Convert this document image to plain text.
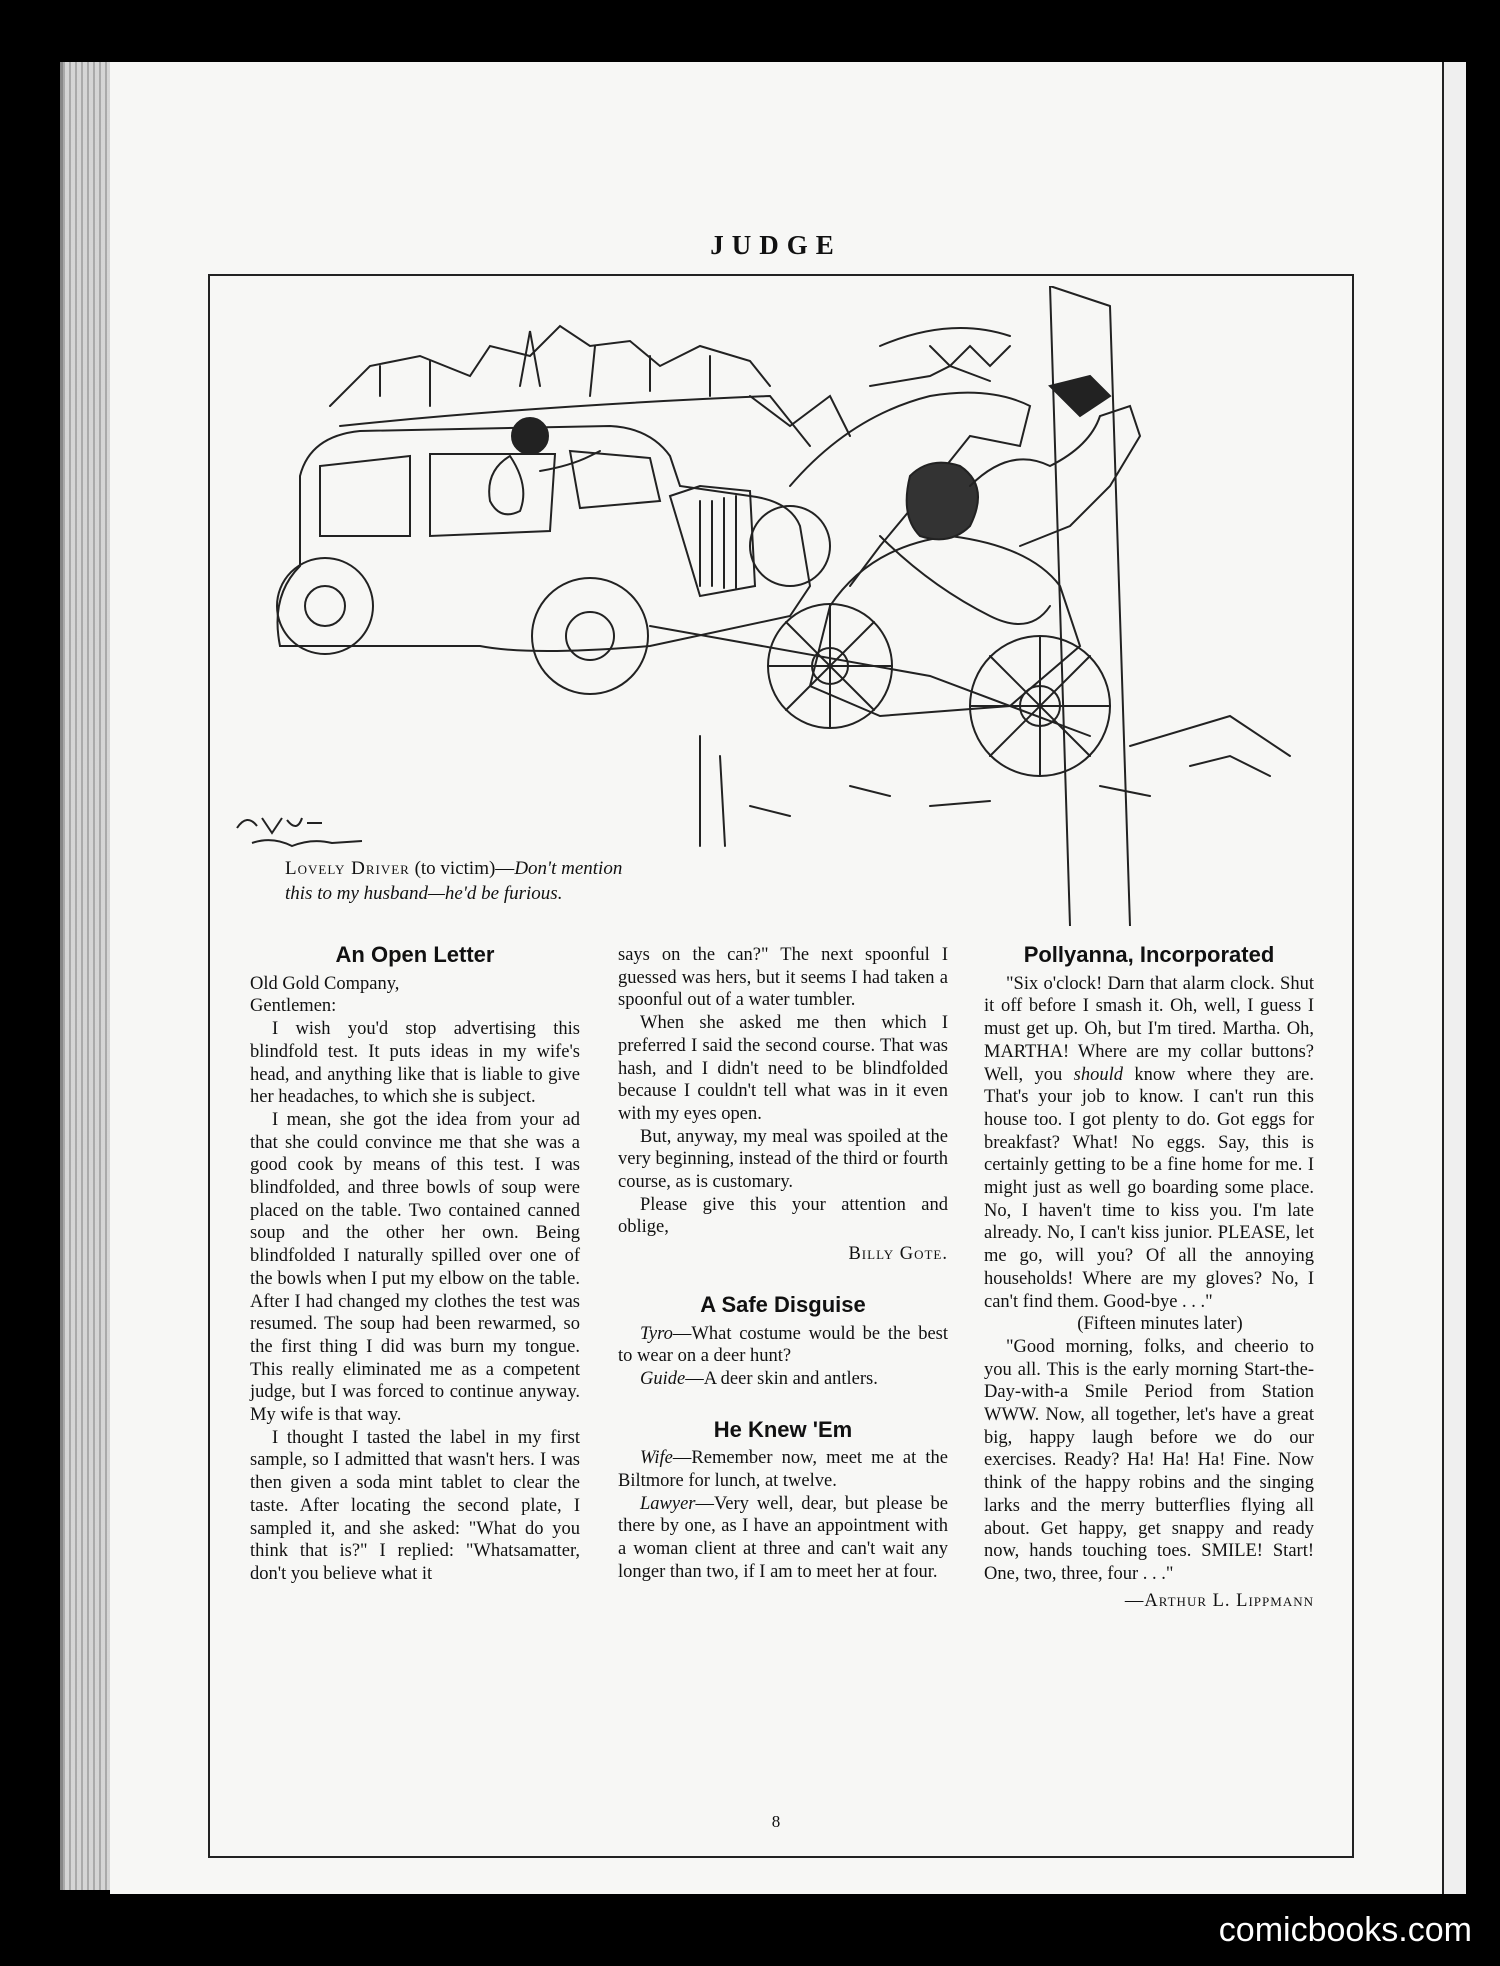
JUDGE
Lovely Driver (to victim)—Don't mention
this to my husband—he'd be furious.
An Open Letter

Old Gold Company,

Gentlemen:

I wish you'd stop advertising this blindfold test. It puts ideas in my wife's head, and anything like that is liable to give her headaches, to which she is subject.

I mean, she got the idea from your ad that she could convince me that she was a good cook by means of this test. I was blindfolded, and three bowls of soup were placed on the table. Two contained canned soup and the other her own. Being blindfolded I naturally spilled over one of the bowls when I put my elbow on the table. After I had changed my clothes the test was resumed. The soup had been rewarmed, so the first thing I did was burn my tongue. This really eliminated me as a competent judge, but I was forced to continue anyway. My wife is that way.

I thought I tasted the label in my first sample, so I admitted that wasn't hers. I was then given a soda mint tablet to clear the taste. After locating the second plate, I sampled it, and she asked: "What do you think that is?" I replied: "Whatsamatter, don't you believe what it

says on the can?" The next spoonful I guessed was hers, but it seems I had taken a spoonful out of a water tumbler.

When she asked me then which I preferred I said the second course. That was hash, and I didn't need to be blindfolded because I couldn't tell what was in it even with my eyes open.

But, anyway, my meal was spoiled at the very beginning, instead of the third or fourth course, as is customary.

Please give this your attention and oblige,

Billy Gote.

A Safe Disguise

Tyro—What costume would be the best to wear on a deer hunt?

Guide—A deer skin and antlers.

He Knew 'Em

Wife—Remember now, meet me at the Biltmore for lunch, at twelve.

Lawyer—Very well, dear, but please be there by one, as I have an appointment with a woman client at three and can't wait any longer than two, if I am to meet her at four.

Pollyanna, Incorporated

"Six o'clock! Darn that alarm clock. Shut it off before I smash it. Oh, well, I guess I must get up. Oh, but I'm tired. Martha. Oh, MARTHA! Where are my collar buttons? Well, you should know where they are. That's your job to know. I can't run this house too. I got plenty to do. Got eggs for breakfast? What! No eggs. Say, this is certainly getting to be a fine home for me. I might just as well go boarding some place. No, I haven't time to kiss you. I'm late already. No, I can't kiss junior. PLEASE, let me go, will you? Of all the annoying households! Where are my gloves? No, I can't find them. Good-bye . . ."

(Fifteen minutes later)

"Good morning, folks, and cheerio to you all. This is the early morning Start-the-Day-with-a Smile Period from Station WWW. Now, all together, let's have a great big, happy laugh before we do our exercises. Ready? Ha! Ha! Ha! Fine. Now think of the happy robins and the singing larks and the merry butterflies flying all about. Get happy, get snappy and ready now, hands touching toes. SMILE! Start! One, two, three, four . . ."

—Arthur L. Lippmann

8
comicbooks.com
